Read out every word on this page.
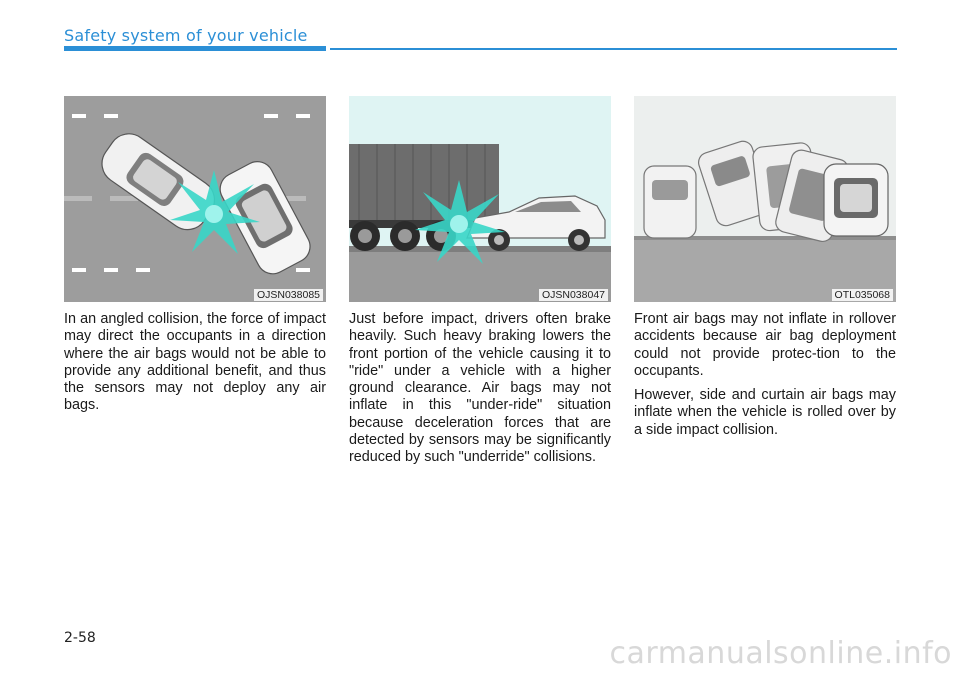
Safety system of your vehicle
OJSN038085	OJSN038047	OTL035068

In an angled collision, the force of impact may direct the occupants in a direction where the air bags would not be able to provide any additional benefit, and thus the sensors may not deploy any air bags.

Just before impact, drivers often brake heavily. Such heavy braking lowers the front portion of the vehicle causing it to "ride" under a vehicle with a higher ground clearance. Air bags may not inflate in this "under-ride" situation because deceleration forces that are detected by sensors may be significantly reduced by such "underride" collisions.

Front air bags may not inflate in rollover accidents because air bag deployment could not provide protec-tion to the occupants.

However, side and curtain air bags may inflate when the vehicle is rolled over by a side impact collision.

2-58	carmanualsonline.info
